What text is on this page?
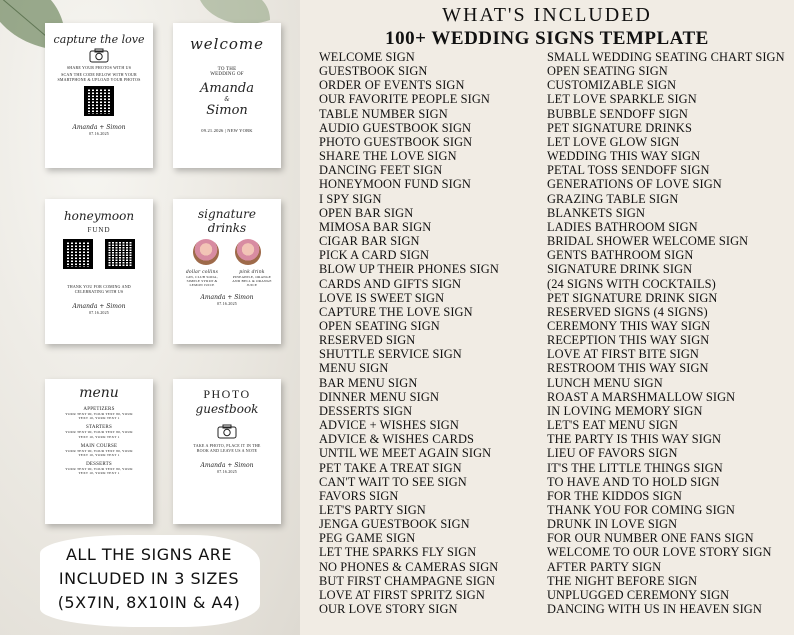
capture the love
SHARE YOUR PHOTOS WITH US
SCAN THE CODE BELOW WITH YOUR SMARTPHONE & UPLOAD YOUR PHOTOS
Amanda + Simon
07.16.2025
welcome
TO THE
WEDDING OF
Amanda
&
Simon
09.21.2026 | NEW YORK
honeymoon
FUND

THANK YOU FOR COMING AND CELEBRATING WITH US
Amanda + Simon
07.16.2025
signature
drinks

dollar collins
GIN, CLUB SODA, SIMPLE SYRUP & LEMON JUICE
pink drink
PINEAPPLE, ORANGE AND BELL & ORANGE JUICE
Amanda + Simon
07.16.2025
menu
APPETIZERS
YOUR TEXT 90, YOUR TEXT 80, YOUR TEXT 10, YOUR TEXT 1
STARTERS
YOUR TEXT 90, YOUR TEXT 80, YOUR TEXT 10, YOUR TEXT 1
MAIN COURSE
YOUR TEXT 90, YOUR TEXT 80, YOUR TEXT 10, YOUR TEXT 1
DESSERTS
YOUR TEXT 90, YOUR TEXT 80, YOUR TEXT 10, YOUR TEXT 1
PHOTO
guestbook
TAKE A PHOTO, PLACE IT IN THE BOOK AND LEAVE US A NOTE
Amanda + Simon
07.16.2025
ALL THE SIGNS ARE
INCLUDED IN 3 SIZES
(5X7IN, 8X10IN & A4)
WHAT'S INCLUDED
100+ WEDDING SIGNS TEMPLATE
WELCOME SIGN
GUESTBOOK SIGN
ORDER OF EVENTS SIGN
OUR FAVORITE PEOPLE SIGN
TABLE NUMBER SIGN
AUDIO GUESTBOOK SIGN
PHOTO GUESTBOOK SIGN
SHARE THE LOVE SIGN
DANCING FEET SIGN
HONEYMOON FUND SIGN
I SPY SIGN
OPEN BAR SIGN
MIMOSA BAR SIGN
CIGAR BAR SIGN
PICK A CARD SIGN
BLOW UP THEIR PHONES SIGN
CARDS AND GIFTS SIGN
LOVE IS SWEET SIGN
CAPTURE THE LOVE SIGN
OPEN SEATING SIGN
RESERVED SIGN
SHUTTLE SERVICE SIGN
MENU SIGN
BAR MENU SIGN
DINNER MENU SIGN
DESSERTS SIGN
ADVICE + WISHES SIGN
ADVICE & WISHES CARDS
UNTIL WE MEET AGAIN SIGN
PET TAKE A TREAT SIGN
CAN'T WAIT TO SEE SIGN
FAVORS SIGN
LET'S PARTY SIGN
JENGA GUESTBOOK SIGN
PEG GAME SIGN
LET THE SPARKS FLY SIGN
NO PHONES & CAMERAS SIGN
BUT FIRST CHAMPAGNE SIGN
LOVE AT FIRST SPRITZ SIGN
OUR LOVE STORY SIGN
SMALL WEDDING SEATING CHART SIGN
OPEN SEATING SIGN
CUSTOMIZABLE SIGN
LET LOVE SPARKLE SIGN
BUBBLE SENDOFF SIGN
PET SIGNATURE DRINKS
LET LOVE GLOW SIGN
WEDDING THIS WAY SIGN
PETAL TOSS SENDOFF SIGN
GENERATIONS OF LOVE SIGN
GRAZING TABLE SIGN
BLANKETS SIGN
LADIES BATHROOM SIGN
BRIDAL SHOWER WELCOME SIGN
GENTS BATHROOM SIGN
SIGNATURE DRINK SIGN
(24 SIGNS WITH COCKTAILS)
PET SIGNATURE DRINK SIGN
RESERVED SIGNS (4 SIGNS)
CEREMONY THIS WAY SIGN
RECEPTION THIS WAY SIGN
LOVE AT FIRST BITE SIGN
RESTROOM THIS WAY SIGN
LUNCH MENU SIGN
ROAST A MARSHMALLOW SIGN
IN LOVING MEMORY SIGN
LET'S EAT MENU SIGN
THE PARTY IS THIS WAY SIGN
LIEU OF FAVORS SIGN
IT'S THE LITTLE THINGS SIGN
TO HAVE AND TO HOLD SIGN
FOR THE KIDDOS SIGN
THANK YOU FOR COMING SIGN
DRUNK IN LOVE SIGN
FOR OUR NUMBER ONE FANS SIGN
WELCOME TO OUR LOVE STORY SIGN
AFTER PARTY SIGN
THE NIGHT BEFORE SIGN
UNPLUGGED CEREMONY SIGN
DANCING WITH US IN HEAVEN SIGN
